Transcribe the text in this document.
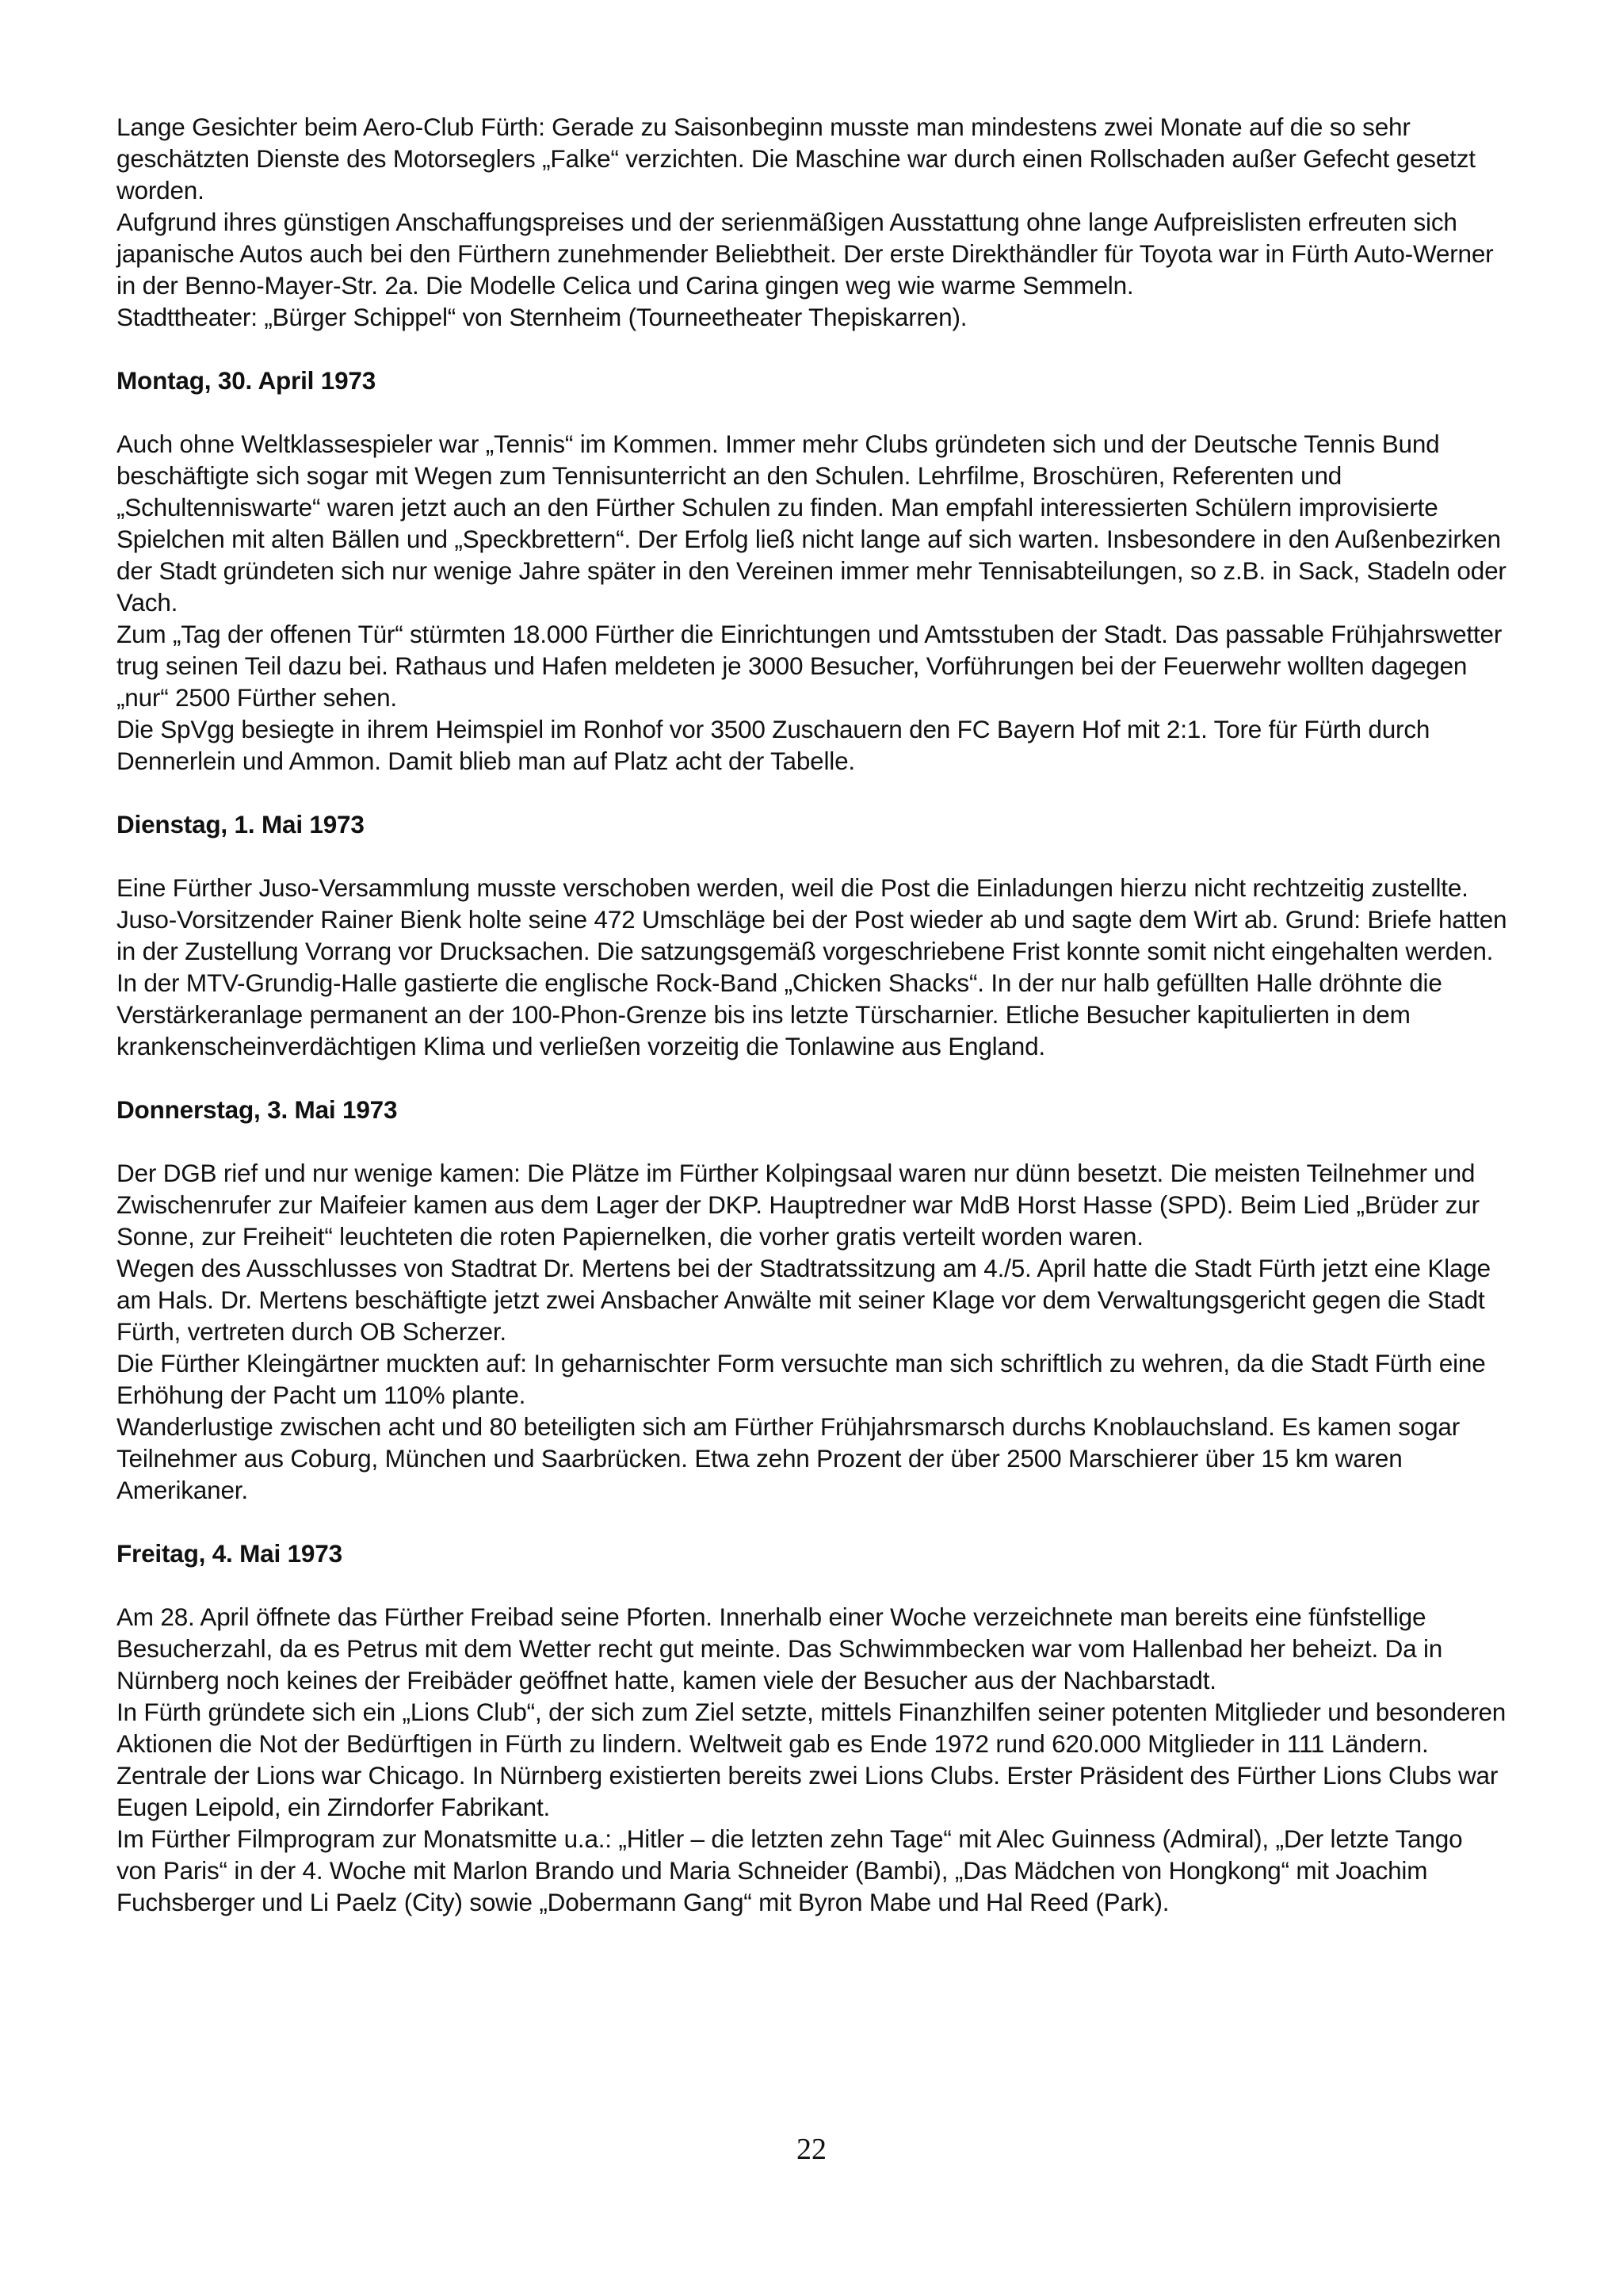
Lange Gesichter beim Aero-Club Fürth: Gerade zu Saisonbeginn musste man mindestens zwei Monate auf die so sehr geschätzten Dienste des Motorseglers „Falke“ verzichten. Die Maschine war durch einen Rollschaden außer Gefecht gesetzt worden.

Aufgrund ihres günstigen Anschaffungspreises und der serienmäßigen Ausstattung ohne lange Aufpreislisten erfreuten sich japanische Autos auch bei den Fürthern zunehmender Beliebtheit. Der erste Direkthändler für Toyota war in Fürth Auto-Werner in der Benno-Mayer-Str. 2a. Die Modelle Celica und Carina gingen weg wie warme Semmeln.

Stadttheater: „Bürger Schippel“ von Sternheim (Tourneetheater Thepiskarren).

Montag, 30. April 1973

Auch ohne Weltklassespieler war „Tennis“ im Kommen. Immer mehr Clubs gründeten sich und der Deutsche Tennis Bund beschäftigte sich sogar mit Wegen zum Tennisunterricht an den Schulen. Lehrfilme, Broschüren, Referenten und „Schultenniswarte“ waren jetzt auch an den Fürther Schulen zu finden. Man empfahl interessierten Schülern improvisierte Spielchen mit alten Bällen und „Speckbrettern“. Der Erfolg ließ nicht lange auf sich warten. Insbesondere in den Außenbezirken der Stadt gründeten sich nur wenige Jahre später in den Vereinen immer mehr Tennisabteilungen, so z.B. in Sack, Stadeln oder Vach.

Zum „Tag der offenen Tür“ stürmten 18.000 Fürther die Einrichtungen und Amtsstuben der Stadt. Das passable Frühjahrswetter trug seinen Teil dazu bei. Rathaus und Hafen meldeten je 3000 Besucher, Vorführungen bei der Feuerwehr wollten dagegen „nur“ 2500 Fürther sehen.

Die SpVgg besiegte in ihrem Heimspiel im Ronhof vor 3500 Zuschauern den FC Bayern Hof mit 2:1. Tore für Fürth durch Dennerlein und Ammon. Damit blieb man auf Platz acht der Tabelle.

Dienstag, 1. Mai 1973

Eine Fürther Juso-Versammlung musste verschoben werden, weil die Post die Einladungen hierzu nicht rechtzeitig zustellte. Juso-Vorsitzender Rainer Bienk holte seine 472 Umschläge bei der Post wieder ab und sagte dem Wirt ab. Grund: Briefe hatten in der Zustellung Vorrang vor Drucksachen. Die satzungsgemäß vorgeschriebene Frist konnte somit nicht eingehalten werden.

In der MTV-Grundig-Halle gastierte die englische Rock-Band „Chicken Shacks“. In der nur halb gefüllten Halle dröhnte die Verstärkeranlage permanent an der 100-Phon-Grenze bis ins letzte Türscharnier. Etliche Besucher kapitulierten in dem krankenscheinverdächtigen Klima und verließen vorzeitig die Tonlawine aus England.

Donnerstag, 3. Mai 1973

Der DGB rief und nur wenige kamen: Die Plätze im Fürther Kolpingsaal waren nur dünn besetzt. Die meisten Teilnehmer und Zwischenrufer zur Maifeier kamen aus dem Lager der DKP. Hauptredner war MdB Horst Hasse (SPD). Beim Lied „Brüder zur Sonne, zur Freiheit“ leuchteten die roten Papiernelken, die vorher gratis verteilt worden waren.

Wegen des Ausschlusses von Stadtrat Dr. Mertens bei der Stadtratssitzung am 4./5. April hatte die Stadt Fürth jetzt eine Klage am Hals. Dr. Mertens beschäftigte jetzt zwei Ansbacher Anwälte mit seiner Klage vor dem Verwaltungsgericht gegen die Stadt Fürth, vertreten durch OB Scherzer.

Die Fürther Kleingärtner muckten auf: In geharnischter Form versuchte man sich schriftlich zu wehren, da die Stadt Fürth eine Erhöhung der Pacht um 110% plante.

Wanderlustige zwischen acht und 80 beteiligten sich am Fürther Frühjahrsmarsch durchs Knoblauchsland. Es kamen sogar Teilnehmer aus Coburg, München und Saarbrücken. Etwa zehn Prozent der über 2500 Marschierer über 15 km waren Amerikaner.

Freitag, 4. Mai 1973

Am 28. April öffnete das Fürther Freibad seine Pforten. Innerhalb einer Woche verzeichnete man bereits eine fünfstellige Besucherzahl, da es Petrus mit dem Wetter recht gut meinte. Das Schwimmbecken war vom Hallenbad her beheizt. Da in Nürnberg noch keines der Freibäder geöffnet hatte, kamen viele der Besucher aus der Nachbarstadt.

In Fürth gründete sich ein „Lions Club“, der sich zum Ziel setzte, mittels Finanzhilfen seiner potenten Mitglieder und besonderen Aktionen die Not der Bedürftigen in Fürth zu lindern. Weltweit gab es Ende 1972 rund 620.000 Mitglieder in 111 Ländern. Zentrale der Lions war Chicago. In Nürnberg existierten bereits zwei Lions Clubs. Erster Präsident des Fürther Lions Clubs war Eugen Leipold, ein Zirndorfer Fabrikant.

Im Fürther Filmprogram zur Monatsmitte u.a.: „Hitler – die letzten zehn Tage“ mit Alec Guinness (Admiral), „Der letzte Tango von Paris“ in der 4. Woche mit Marlon Brando und Maria Schneider (Bambi), „Das Mädchen von Hongkong“ mit Joachim Fuchsberger und Li Paelz (City) sowie „Dobermann Gang“ mit Byron Mabe und Hal Reed (Park).

22
